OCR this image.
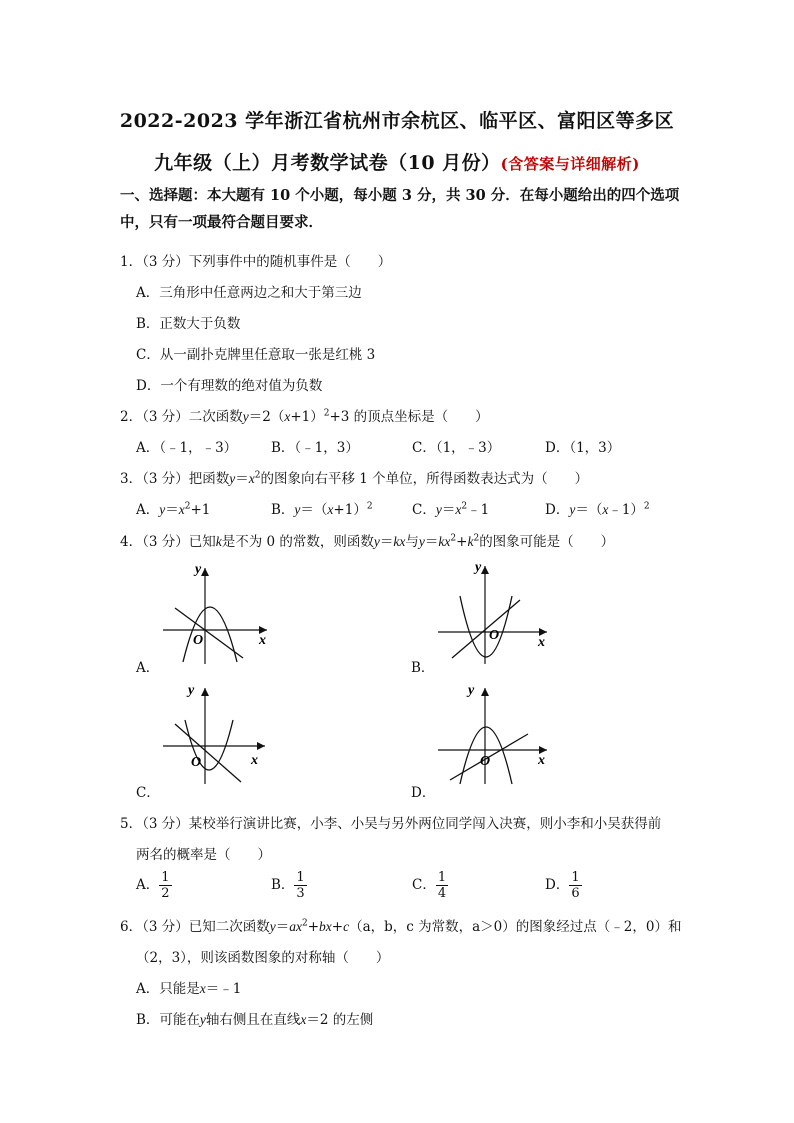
2022-2023 学年浙江省杭州市余杭区、临平区、富阳区等多区
九年级（上）月考数学试卷（10 月份）(含答案与详细解析)
一、选择题：本大题有 10 个小题，每小题 3 分，共 30 分．在每小题给出的四个选项中，只有一项最符合题目要求．
1．（3 分）下列事件中的随机事件是（　　）
A．三角形中任意两边之和大于第三边
B．正数大于负数
C．从一副扑克牌里任意取一张是红桃 3
D．一个有理数的绝对值为负数
2．（3 分）二次函数$y=2(x+1)^2+3$ 的顶点坐标是（　　）
A．（﹣1，﹣3）	B．（﹣1，3）	C．（1，﹣3）	D．（1，3）
3．（3 分）把函数$y=x^2$的图象向右平移 1 个单位，所得函数表达式为（　　）
A．$y=x^2+1$	B．$y=(x+1)^2$	C．$y=x^2﹣1$	D．y＝（x﹣1）$^2$
4．（3 分）已知k是不为 0 的常数，则函数y＝kx与$y=kx^2+k^2$的图象可能是（　　）
x
y
O
A．
x
y
O
B．
x
y
O
C．
x
y
O
D．
5．（3 分）某校举行演讲比赛，小李、小吴与另外两位同学闯入决赛，则小李和小吴获得前
两名的概率是（　　）
A． $\frac{1}{2}$	B． $\frac{1}{3}$	C． $\frac{1}{4}$	D． $\frac{1}{6}$
6．（3 分）已知二次函数$y=ax^2+bx+c(a$，b，c 为常数，a＞0）的图象经过点（﹣2，0）和
（2，3），则该函数图象的对称轴（　　）
A．只能是x＝﹣1
B．可能在y轴右侧且在直线x＝2 的左侧
